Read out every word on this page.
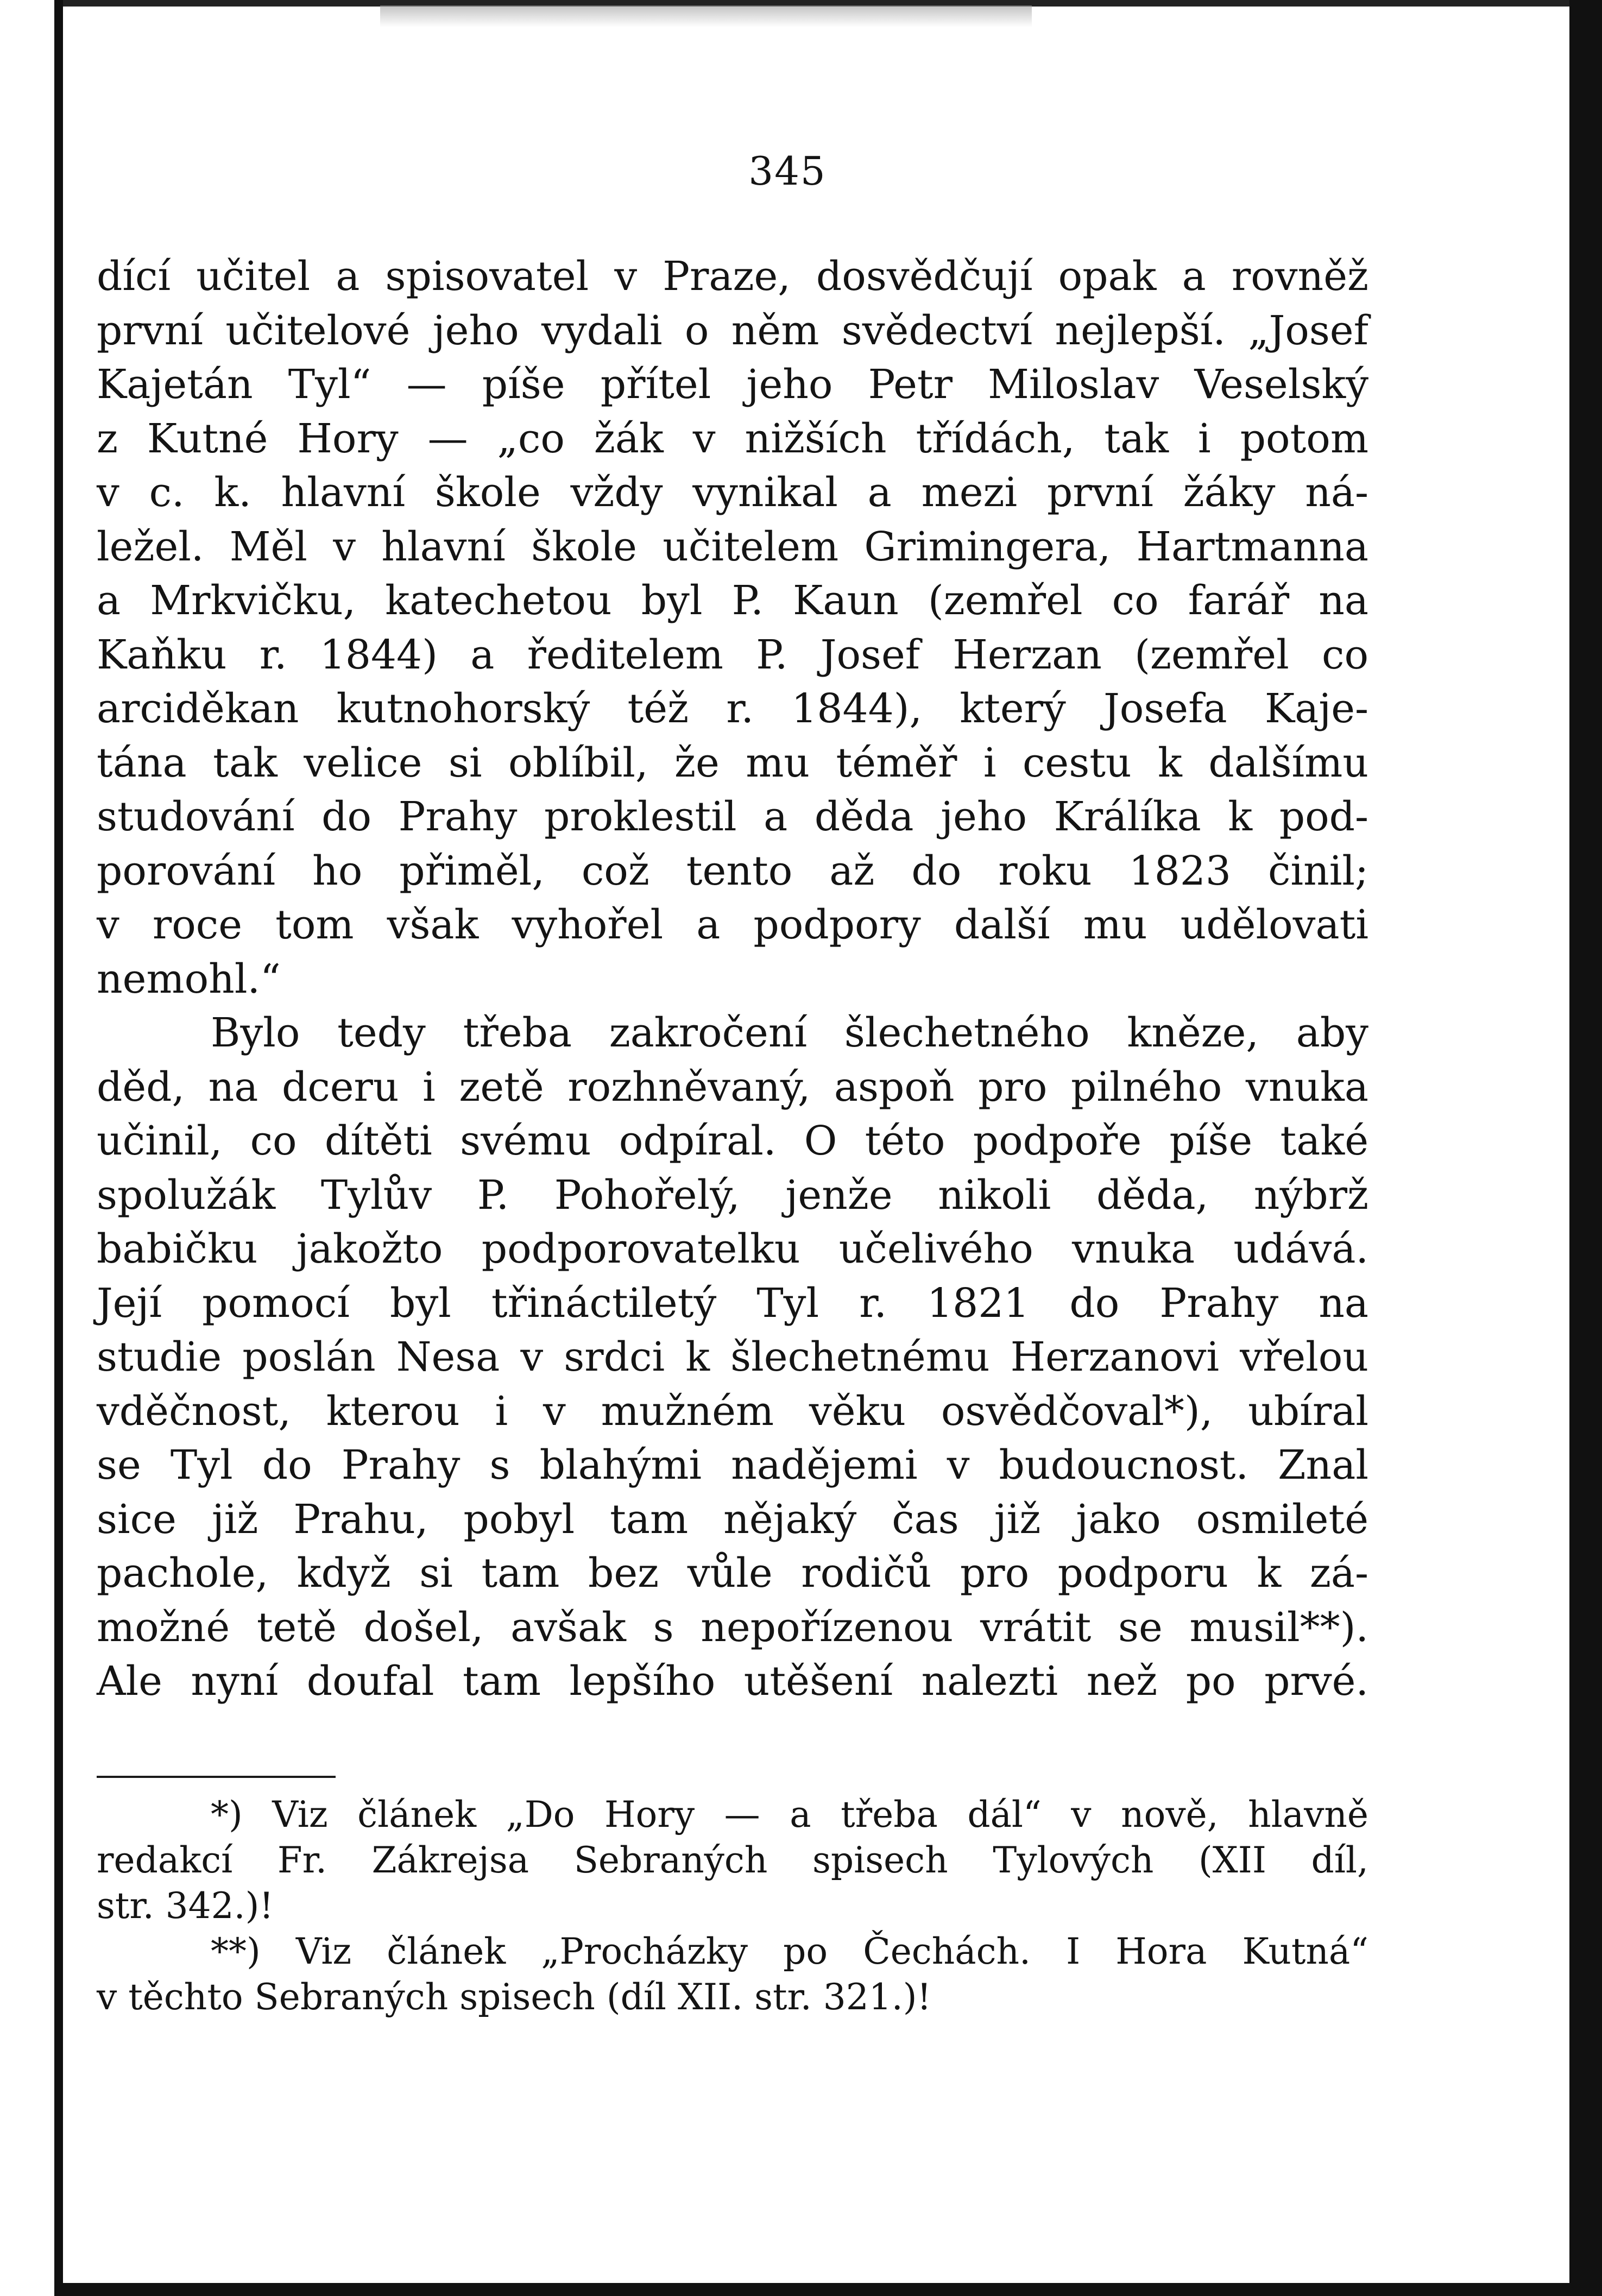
345
dící učitel a spisovatel v Praze, dosvědčují opak a rovněž
první učitelové jeho vydali o něm svědectví nejlepší. „Josef
Kajetán Tyl“ — píše přítel jeho Petr Miloslav Veselský
z Kutné Hory — „co žák v nižších třídách, tak i potom
v c. k. hlavní škole vždy vynikal a mezi první žáky ná-
ležel. Měl v hlavní škole učitelem Grimingera, Hartmanna
a Mrkvičku, katechetou byl P. Kaun (zemřel co farář na
Kaňku r. 1844) a ředitelem P. Josef Herzan (zemřel co
arciděkan kutnohorský též r. 1844), který Josefa Kaje-
tána tak velice si oblíbil, že mu téměř i cestu k dalšímu
studování do Prahy proklestil a děda jeho Králíka k pod-
porování ho přiměl, což tento až do roku 1823 činil;
v roce tom však vyhořel a podpory další mu udělovati
nemohl.“
Bylo tedy třeba zakročení šlechetného kněze, aby
děd, na dceru i zetě rozhněvaný, aspoň pro pilného vnuka
učinil, co dítěti svému odpíral. O této podpoře píše také
spolužák Tylův P. Pohořelý, jenže nikoli děda, nýbrž
babičku jakožto podporovatelku učelivého vnuka udává.
Její pomocí byl třináctiletý Tyl r. 1821 do Prahy na
studie poslán Nesa v srdci k šlechetnému Herzanovi vřelou
vděčnost, kterou i v mužném věku osvědčoval*), ubíral
se Tyl do Prahy s blahými nadějemi v budoucnost. Znal
sice již Prahu, pobyl tam nějaký čas již jako osmileté
pachole, když si tam bez vůle rodičů pro podporu k zá-
možné tetě došel, avšak s nepořízenou vrátit se musil**).
Ale nyní doufal tam lepšího utěšení nalezti než po prvé.
*) Viz článek „Do Hory — a třeba dál“ v nově, hlavně
redakcí Fr. Zákrejsa Sebraných spisech Tylových (XII díl,
str. 342.)!
**) Viz článek „Procházky po Čechách. I Hora Kutná“
v těchto Sebraných spisech (díl XII. str. 321.)!
